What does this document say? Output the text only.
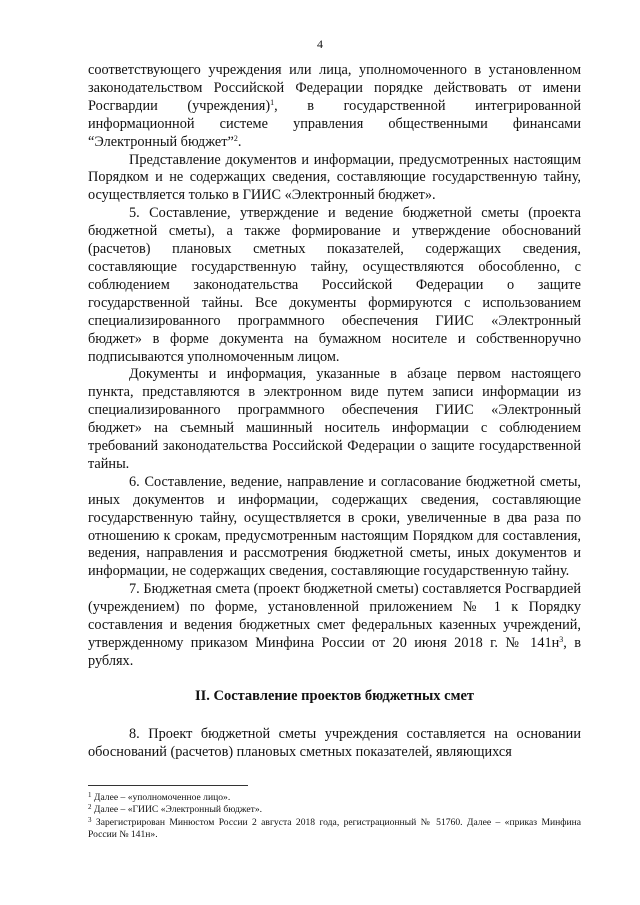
4

соответствующего учреждения или лица, уполномоченного в установленном законодательством Российской Федерации порядке действовать от имени Росгвардии (учреждения)$^1$, в государственной интегрированной информационной системе управления общественными финансами “Электронный бюджет”$^2$.

Представление документов и информации, предусмотренных настоящим Порядком и не содержащих сведения, составляющие государственную тайну, осуществляется только в ГИИС «Электронный бюджет».

5. Составление, утверждение и ведение бюджетной сметы (проекта бюджетной сметы), а также формирование и утверждение обоснований (расчетов) плановых сметных показателей, содержащих сведения, составляющие государственную тайну, осуществляются обособленно, с соблюдением законодательства Российской Федерации о защите государственной тайны. Все документы формируются с использованием специализированного программного обеспечения ГИИС «Электронный бюджет» в форме документа на бумажном носителе и собственноручно подписываются уполномоченным лицом.

Документы и информация, указанные в абзаце первом настоящего пункта, представляются в электронном виде путем записи информации из специализированного программного обеспечения ГИИС «Электронный бюджет» на съемный машинный носитель информации с соблюдением требований законодательства Российской Федерации о защите государственной тайны.

6. Составление, ведение, направление и согласование бюджетной сметы, иных документов и информации, содержащих сведения, составляющие государственную тайну, осуществляется в сроки, увеличенные в два раза по отношению к срокам, предусмотренным настоящим Порядком для составления, ведения, направления и рассмотрения бюджетной сметы, иных документов и информации, не содержащих сведения, составляющие государственную тайну.

7. Бюджетная смета (проект бюджетной сметы) составляется Росгвардией (учреждением) по форме, установленной приложением № 1 к Порядку составления и ведения бюджетных смет федеральных казенных учреждений, утвержденному приказом Минфина России от 20 июня 2018 г. № $141н^3$, в рублях.

II. Составление проектов бюджетных смет

8. Проект бюджетной сметы учреждения составляется на основании обоснований (расчетов) плановых сметных показателей, являющихся

$^1$ Далее – «уполномоченное лицо».

$^2$ Далее – «ГИИС «Электронный бюджет».

$^3$ Зарегистрирован Минюстом России 2 августа 2018 года, регистрационный № 51760. Далее – «приказ Минфина России № 141н».
